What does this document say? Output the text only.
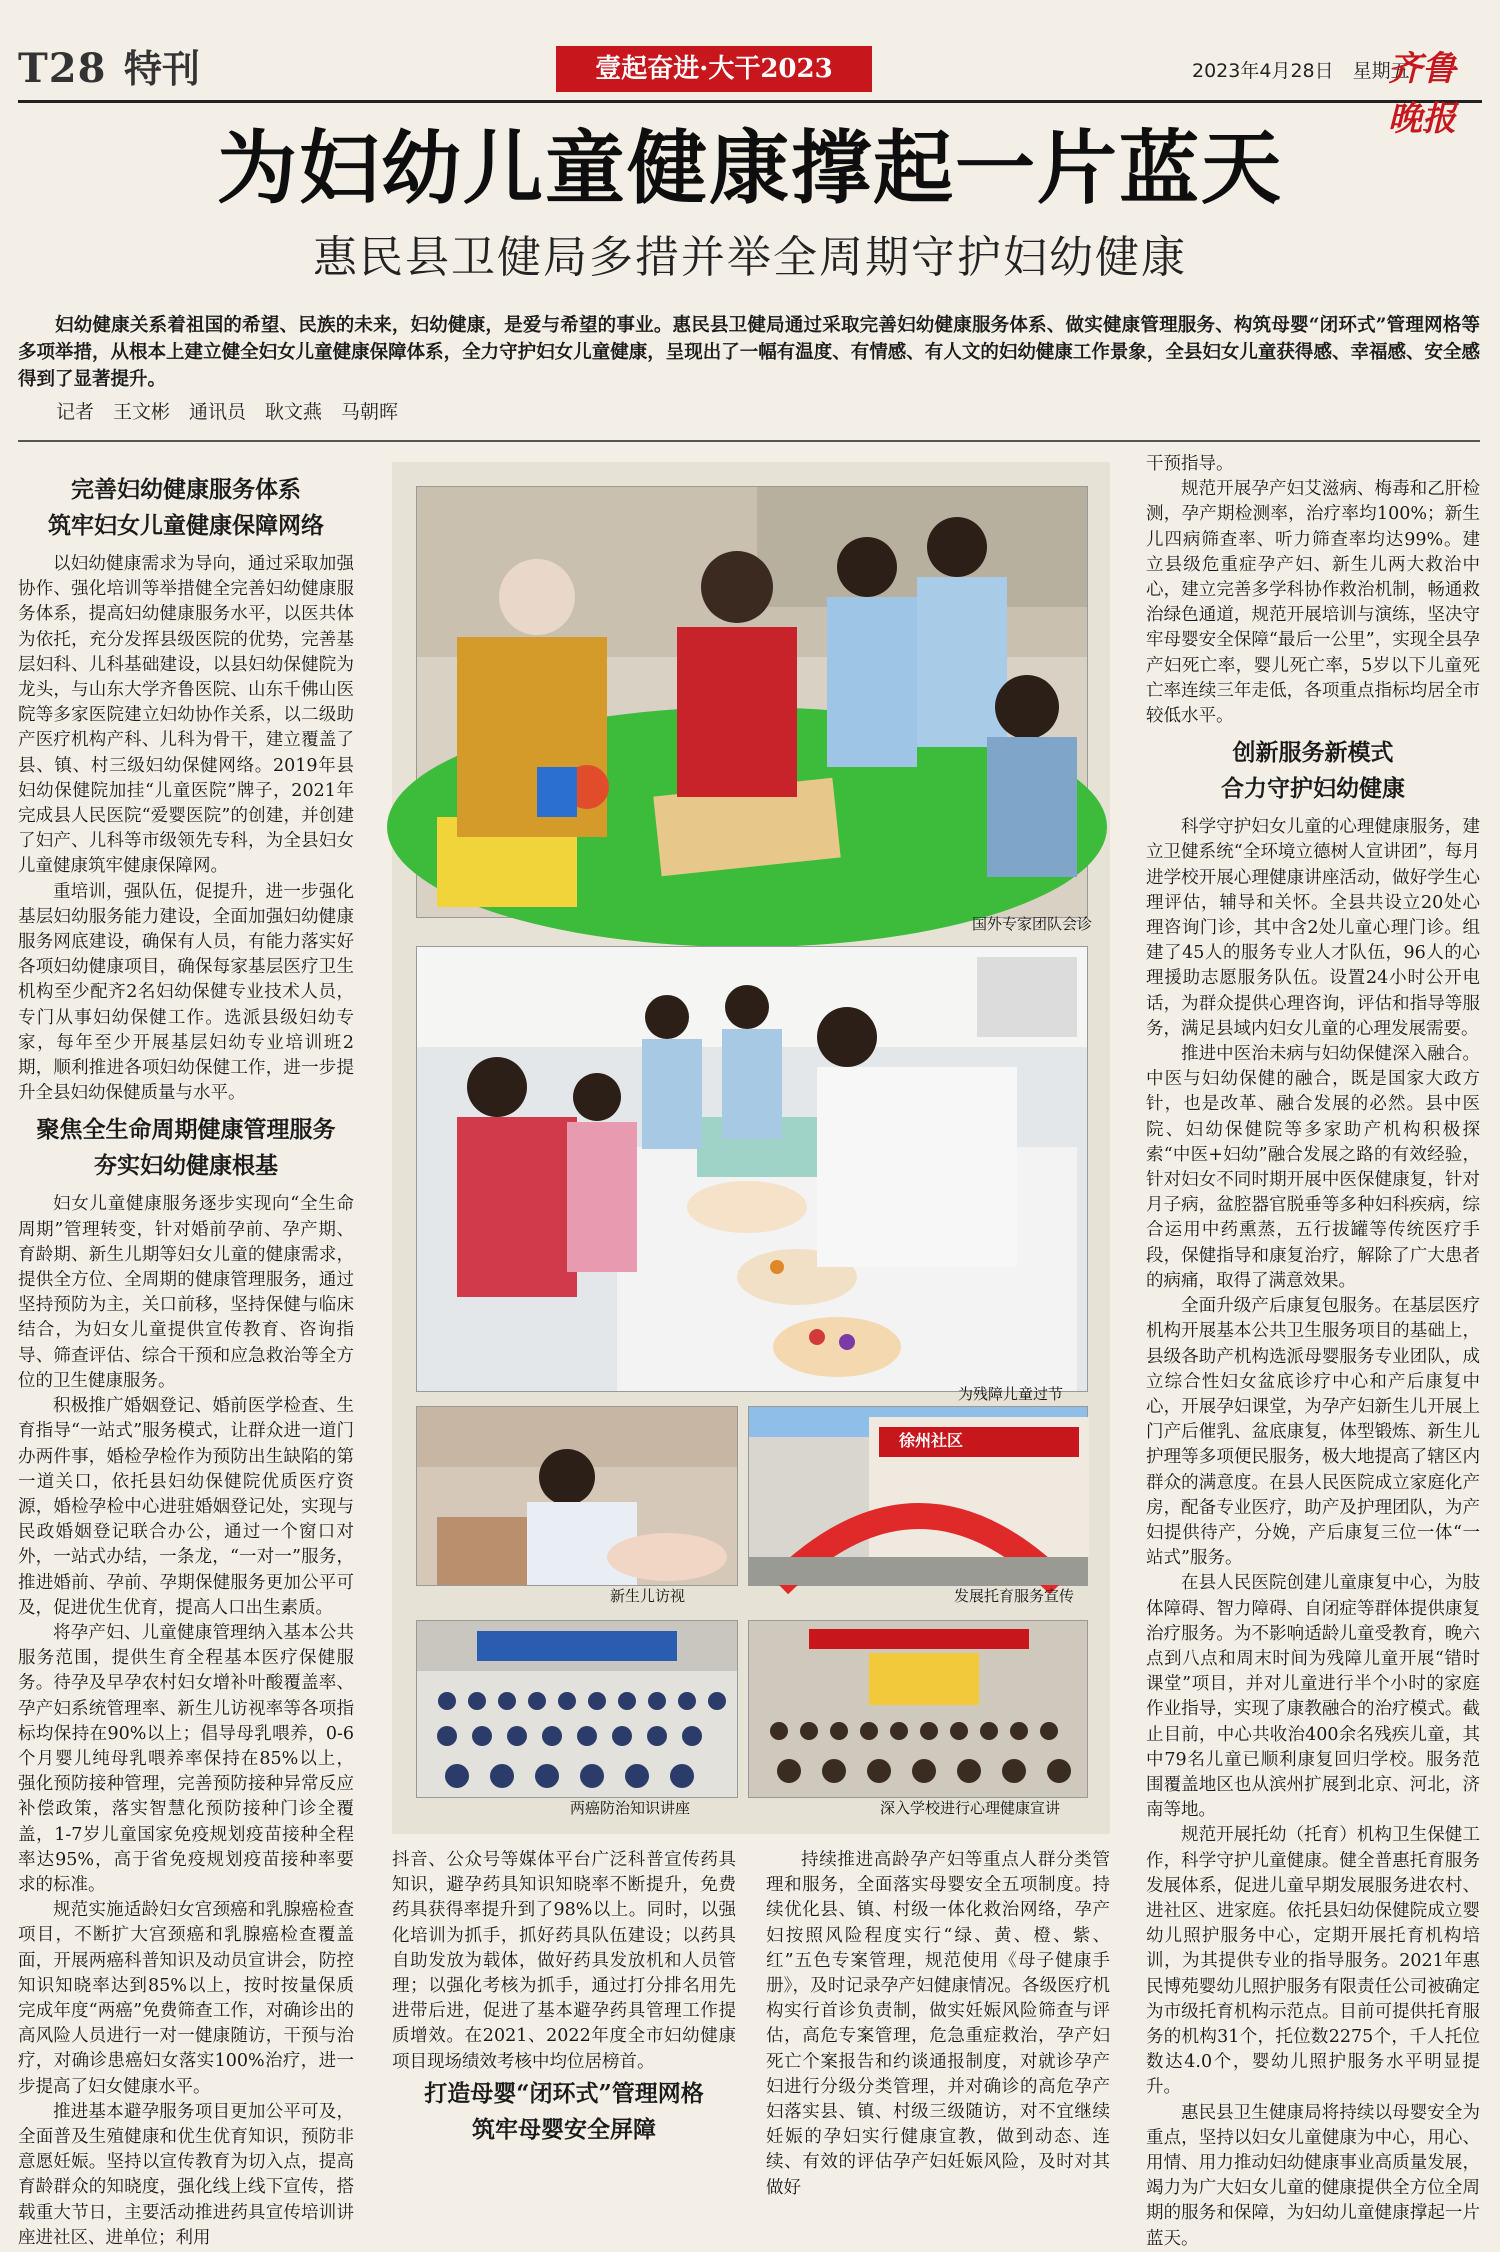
T28 特刊	壹起奋进·大干2023	2023年4月28日　星期五
齐鲁晚报
为妇幼儿童健康撑起一片蓝天
惠民县卫健局多措并举全周期守护妇幼健康
妇幼健康关系着祖国的希望、民族的未来，妇幼健康，是爱与希望的事业。惠民县卫健局通过采取完善妇幼健康服务体系、做实健康管理服务、构筑母婴“闭环式”管理网格等多项举措，从根本上建立健全妇女儿童健康保障体系，全力守护妇女儿童健康，呈现出了一幅有温度、有情感、有人文的妇幼健康工作景象，全县妇女儿童获得感、幸福感、安全感得到了显著提升。
记者　王文彬　通讯员　耿文燕　马朝晖
完善妇幼健康服务体系
筑牢妇女儿童健康保障网络

以妇幼健康需求为导向，通过采取加强协作、强化培训等举措健全完善妇幼健康服务体系，提高妇幼健康服务水平，以医共体为依托，充分发挥县级医院的优势，完善基层妇科、儿科基础建设，以县妇幼保健院为龙头，与山东大学齐鲁医院、山东千佛山医院等多家医院建立妇幼协作关系，以二级助产医疗机构产科、儿科为骨干，建立覆盖了县、镇、村三级妇幼保健网络。2019年县妇幼保健院加挂“儿童医院”牌子，2021年完成县人民医院“爱婴医院”的创建，并创建了妇产、儿科等市级领先专科，为全县妇女儿童健康筑牢健康保障网。

重培训，强队伍，促提升，进一步强化基层妇幼服务能力建设，全面加强妇幼健康服务网底建设，确保有人员，有能力落实好各项妇幼健康项目，确保每家基层医疗卫生机构至少配齐2名妇幼保健专业技术人员，专门从事妇幼保健工作。选派县级妇幼专家，每年至少开展基层妇幼专业培训班2期，顺利推进各项妇幼保健工作，进一步提升全县妇幼保健质量与水平。

聚焦全生命周期健康管理服务
夯实妇幼健康根基

妇女儿童健康服务逐步实现向“全生命周期”管理转变，针对婚前孕前、孕产期、育龄期、新生儿期等妇女儿童的健康需求，提供全方位、全周期的健康管理服务，通过坚持预防为主，关口前移，坚持保健与临床结合，为妇女儿童提供宣传教育、咨询指导、筛查评估、综合干预和应急救治等全方位的卫生健康服务。

积极推广婚姻登记、婚前医学检查、生育指导“一站式”服务模式，让群众进一道门办两件事，婚检孕检作为预防出生缺陷的第一道关口，依托县妇幼保健院优质医疗资源，婚检孕检中心进驻婚姻登记处，实现与民政婚姻登记联合办公，通过一个窗口对外，一站式办结，一条龙，“一对一”服务，推进婚前、孕前、孕期保健服务更加公平可及，促进优生优育，提高人口出生素质。

将孕产妇、儿童健康管理纳入基本公共服务范围，提供生育全程基本医疗保健服务。待孕及早孕农村妇女增补叶酸覆盖率、孕产妇系统管理率、新生儿访视率等各项指标均保持在90%以上；倡导母乳喂养，0-6个月婴儿纯母乳喂养率保持在85%以上，强化预防接种管理，完善预防接种异常反应补偿政策，落实智慧化预防接种门诊全覆盖，1-7岁儿童国家免疫规划疫苗接种全程率达95%，高于省免疫规划疫苗接种率要求的标准。

规范实施适龄妇女宫颈癌和乳腺癌检查项目，不断扩大宫颈癌和乳腺癌检查覆盖面，开展两癌科普知识及动员宣讲会，防控知识知晓率达到85%以上，按时按量保质完成年度“两癌”免费筛查工作，对确诊出的高风险人员进行一对一健康随访，干预与治疗，对确诊患癌妇女落实100%治疗，进一步提高了妇女健康水平。

推进基本避孕服务项目更加公平可及，全面普及生殖健康和优生优育知识，预防非意愿妊娠。坚持以宣传教育为切入点，提高育龄群众的知晓度，强化线上线下宣传，搭载重大节日，主要活动推进药具宣传培训讲座进社区、进单位；利用

国外专家团队会诊
为残障儿童过节
新生儿访视
徐州社区
发展托育服务宣传
两癌防治知识讲座	深入学校进行心理健康宣讲

抖音、公众号等媒体平台广泛科普宣传药具知识，避孕药具知识知晓率不断提升，免费药具获得率提升到了98%以上。同时，以强化培训为抓手，抓好药具队伍建设；以药具自助发放为载体，做好药具发放机和人员管理；以强化考核为抓手，通过打分排名用先进带后进，促进了基本避孕药具管理工作提质增效。在2021、2022年度全市妇幼健康项目现场绩效考核中均位居榜首。

打造母婴“闭环式”管理网格
筑牢母婴安全屏障

持续推进高龄孕产妇等重点人群分类管理和服务，全面落实母婴安全五项制度。持续优化县、镇、村级一体化救治网络，孕产妇按照风险程度实行“绿、黄、橙、紫、红”五色专案管理，规范使用《母子健康手册》，及时记录孕产妇健康情况。各级医疗机构实行首诊负责制，做实妊娠风险筛查与评估，高危专案管理，危急重症救治，孕产妇死亡个案报告和约谈通报制度，对就诊孕产妇进行分级分类管理，并对确诊的高危孕产妇落实县、镇、村级三级随访，对不宜继续妊娠的孕妇实行健康宣教，做到动态、连续、有效的评估孕产妇妊娠风险，及时对其做好

干预指导。

规范开展孕产妇艾滋病、梅毒和乙肝检测，孕产期检测率，治疗率均100%；新生儿四病筛查率、听力筛查率均达99%。建立县级危重症孕产妇、新生儿两大救治中心，建立完善多学科协作救治机制，畅通救治绿色通道，规范开展培训与演练，坚决守牢母婴安全保障“最后一公里”，实现全县孕产妇死亡率，婴儿死亡率，5岁以下儿童死亡率连续三年走低，各项重点指标均居全市较低水平。

创新服务新模式
合力守护妇幼健康

科学守护妇女儿童的心理健康服务，建立卫健系统“全环境立德树人宣讲团”，每月进学校开展心理健康讲座活动，做好学生心理评估，辅导和关怀。全县共设立20处心理咨询门诊，其中含2处儿童心理门诊。组建了45人的服务专业人才队伍，96人的心理援助志愿服务队伍。设置24小时公开电话，为群众提供心理咨询，评估和指导等服务，满足县域内妇女儿童的心理发展需要。

推进中医治未病与妇幼保健深入融合。中医与妇幼保健的融合，既是国家大政方针，也是改革、融合发展的必然。县中医院、妇幼保健院等多家助产机构积极探索“中医+妇幼”融合发展之路的有效经验，针对妇女不同时期开展中医保健康复，针对月子病，盆腔器官脱垂等多种妇科疾病，综合运用中药熏蒸，五行拔罐等传统医疗手段，保健指导和康复治疗，解除了广大患者的病痛，取得了满意效果。

全面升级产后康复包服务。在基层医疗机构开展基本公共卫生服务项目的基础上，县级各助产机构选派母婴服务专业团队，成立综合性妇女盆底诊疗中心和产后康复中心，开展孕妇课堂，为孕产妇新生儿开展上门产后催乳、盆底康复，体型锻炼、新生儿护理等多项便民服务，极大地提高了辖区内群众的满意度。在县人民医院成立家庭化产房，配备专业医疗，助产及护理团队，为产妇提供待产，分娩，产后康复三位一体“一站式”服务。

在县人民医院创建儿童康复中心，为肢体障碍、智力障碍、自闭症等群体提供康复治疗服务。为不影响适龄儿童受教育，晚六点到八点和周末时间为残障儿童开展“错时课堂”项目，并对儿童进行半个小时的家庭作业指导，实现了康教融合的治疗模式。截止目前，中心共收治400余名残疾儿童，其中79名儿童已顺利康复回归学校。服务范围覆盖地区也从滨州扩展到北京、河北，济南等地。

规范开展托幼（托育）机构卫生保健工作，科学守护儿童健康。健全普惠托育服务发展体系，促进儿童早期发展服务进农村、进社区、进家庭。依托县妇幼保健院成立婴幼儿照护服务中心，定期开展托育机构培训，为其提供专业的指导服务。2021年惠民博苑婴幼儿照护服务有限责任公司被确定为市级托育机构示范点。目前可提供托育服务的机构31个，托位数2275个，千人托位数达4.0个，婴幼儿照护服务水平明显提升。

惠民县卫生健康局将持续以母婴安全为重点，坚持以妇女儿童健康为中心，用心、用情、用力推动妇幼健康事业高质量发展，竭力为广大妇女儿童的健康提供全方位全周期的服务和保障，为妇幼儿童健康撑起一片蓝天。
